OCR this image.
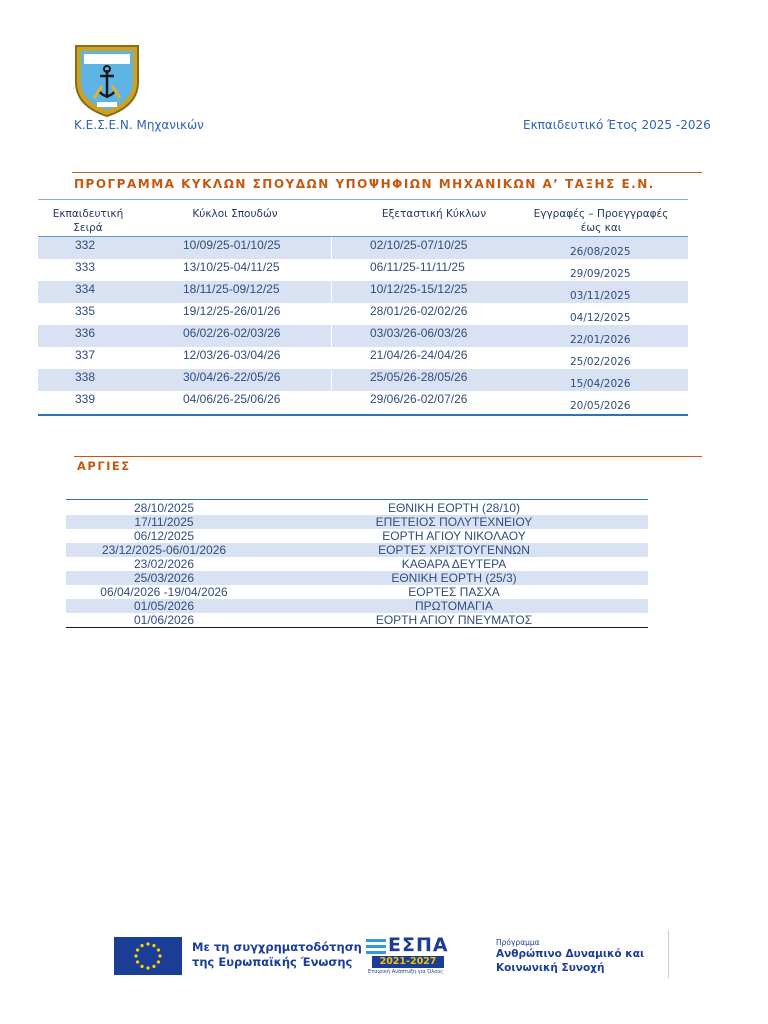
Κ.Ε.Σ.Ε.Ν. Μηχανικών	Εκπαιδευτικό Έτος 2025 -2026
ΠΡΟΓΡΑΜΜΑ ΚΥΚΛΩΝ ΣΠΟΥΔΩΝ ΥΠΟΨΗΦΙΩΝ ΜΗΧΑΝΙΚΩΝ Α’ ΤΑΞΗΣ Ε.Ν.
Εκπαιδευτική
Σειρά
Κύκλοι Σπουδών	Εξεταστική Κύκλων	Εγγραφές – Προεγγραφές
έως και
332	10/09/25-01/10/25	02/10/25-07/10/25	26/08/2025
333	13/10/25-04/11/25	06/11/25-11/11/25	29/09/2025
334	18/11/25-09/12/25	10/12/25-15/12/25	03/11/2025
335	19/12/25-26/01/26	28/01/26-02/02/26	04/12/2025
336	06/02/26-02/03/26	03/03/26-06/03/26	22/01/2026
337	12/03/26-03/04/26	21/04/26-24/04/26	25/02/2026
338	30/04/26-22/05/26	25/05/26-28/05/26	15/04/2026
339	04/06/26-25/06/26	29/06/26-02/07/26	20/05/2026
ΑΡΓΙΕΣ
28/10/2025	ΕΘΝΙΚΗ ΕΟΡΤΗ (28/10)
17/11/2025	ΕΠΕΤΕΙΟΣ ΠΟΛΥΤΕΧΝΕΙΟΥ
06/12/2025	ΕΟΡΤΗ ΑΓΙΟΥ ΝΙΚΟΛΑΟΥ
23/12/2025-06/01/2026	ΕΟΡΤΕΣ ΧΡΙΣΤΟΥΓΕΝΝΩΝ
23/02/2026	ΚΑΘΑΡΑ ΔΕΥΤΕΡΑ
25/03/2026	ΕΘΝΙΚΗ ΕΟΡΤΗ (25/3)
06/04/2026 -19/04/2026	ΕΟΡΤΕΣ ΠΑΣΧΑ
01/05/2026	ΠΡΩΤΟΜΑΓΙΑ
01/06/2026	ΕΟΡΤΗ ΑΓΙΟΥ ΠΝΕΥΜΑΤΟΣ
Με τη συγχρηματοδότηση
της Ευρωπαϊκής Ένωσης
ΕΣΠΑ
2021-2027
Εταιρική Ανάπτυξη για Όλους
Πρόγραμμα
Ανθρώπινο Δυναμικό και
Κοινωνική Συνοχή
